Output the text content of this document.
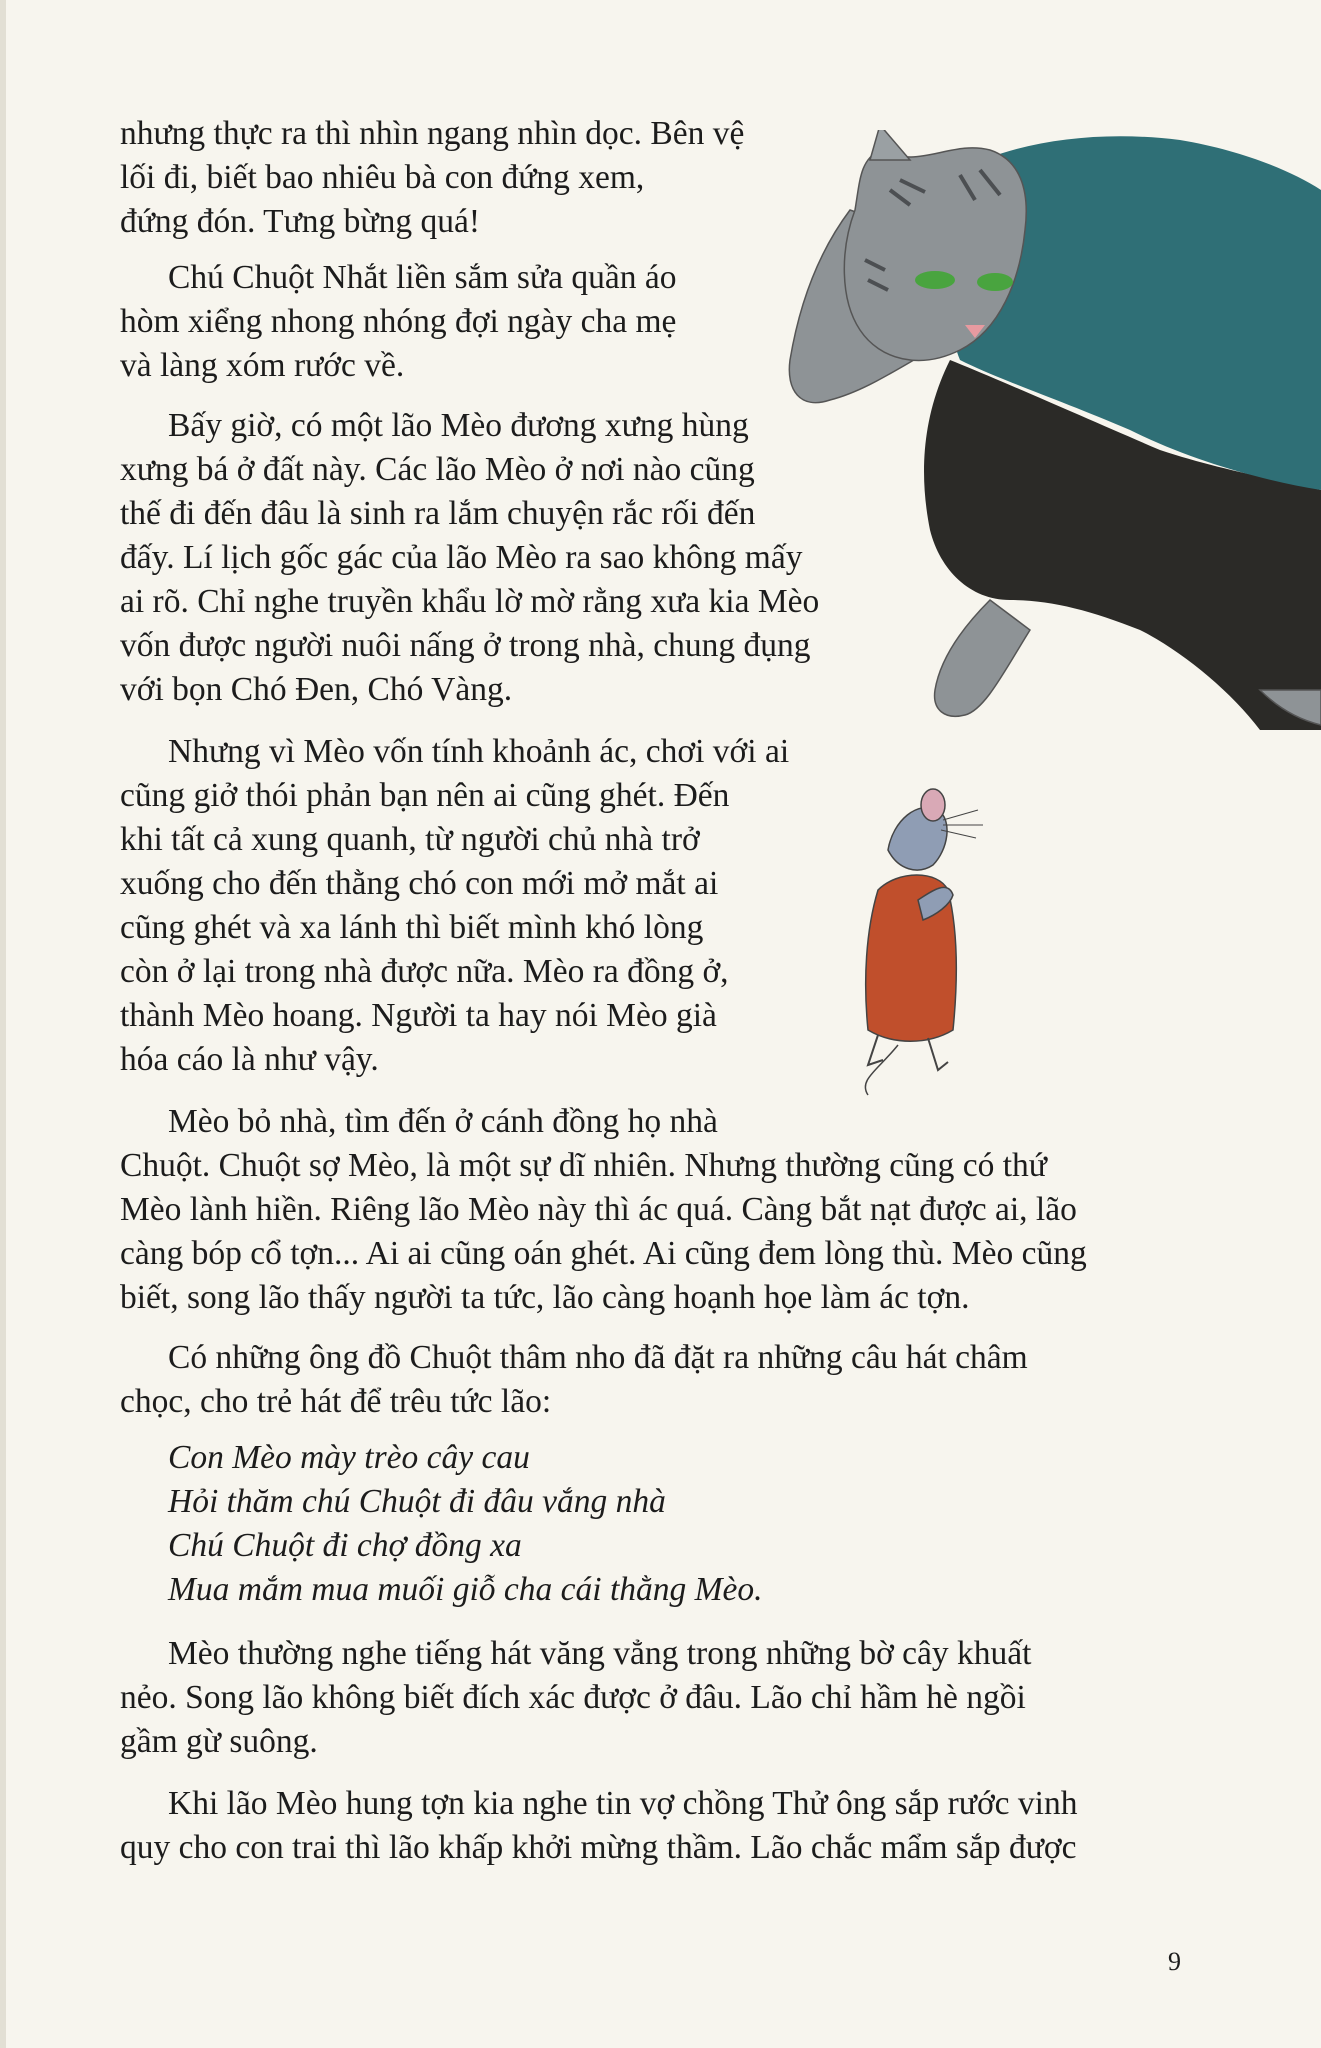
nhưng thực ra thì nhìn ngang nhìn dọc. Bên vệ
lối đi, biết bao nhiêu bà con đứng xem,
đứng đón. Tưng bừng quá!
Chú Chuột Nhắt liền sắm sửa quần áo
hòm xiểng nhong nhóng đợi ngày cha mẹ
và làng xóm rước về.
Bấy giờ, có một lão Mèo đương xưng hùng
xưng bá ở đất này. Các lão Mèo ở nơi nào cũng
thế đi đến đâu là sinh ra lắm chuyện rắc rối đến
đấy. Lí lịch gốc gác của lão Mèo ra sao không mấy
ai rõ. Chỉ nghe truyền khẩu lờ mờ rằng xưa kia Mèo
vốn được người nuôi nấng ở trong nhà, chung đụng
với bọn Chó Đen, Chó Vàng.
Nhưng vì Mèo vốn tính khoảnh ác, chơi với ai
cũng giở thói phản bạn nên ai cũng ghét. Đến
khi tất cả xung quanh, từ người chủ nhà trở
xuống cho đến thằng chó con mới mở mắt ai
cũng ghét và xa lánh thì biết mình khó lòng
còn ở lại trong nhà được nữa. Mèo ra đồng ở,
thành Mèo hoang. Người ta hay nói Mèo già
hóa cáo là như vậy.
Mèo bỏ nhà, tìm đến ở cánh đồng họ nhà
Chuột. Chuột sợ Mèo, là một sự dĩ nhiên. Nhưng thường cũng có thứ
Mèo lành hiền. Riêng lão Mèo này thì ác quá. Càng bắt nạt được ai, lão
càng bóp cổ tợn... Ai ai cũng oán ghét. Ai cũng đem lòng thù. Mèo cũng
biết, song lão thấy người ta tức, lão càng hoạnh họe làm ác tợn.
Có những ông đồ Chuột thâm nho đã đặt ra những câu hát châm
chọc, cho trẻ hát để trêu tức lão:
Con Mèo mày trèo cây cau
Hỏi thăm chú Chuột đi đâu vắng nhà
Chú Chuột đi chợ đồng xa
Mua mắm mua muối giỗ cha cái thằng Mèo.
Mèo thường nghe tiếng hát văng vẳng trong những bờ cây khuất
nẻo. Song lão không biết đích xác được ở đâu. Lão chỉ hầm hè ngồi
gầm gừ suông.
Khi lão Mèo hung tợn kia nghe tin vợ chồng Thử ông sắp rước vinh
quy cho con trai thì lão khấp khởi mừng thầm. Lão chắc mẩm sắp được
9
